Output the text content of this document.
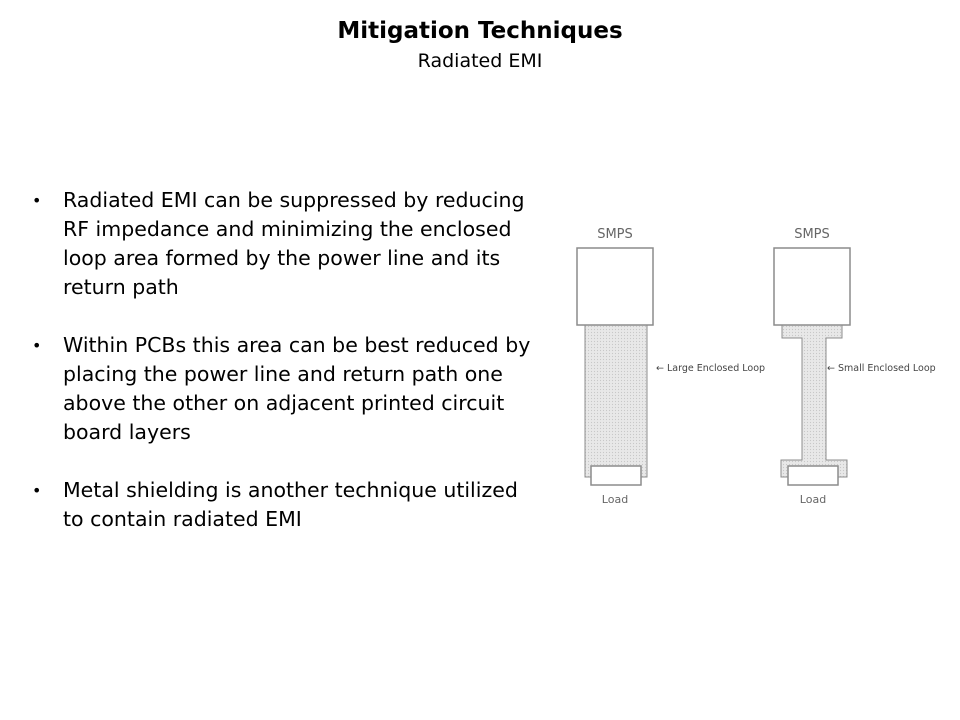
Mitigation Techniques
Radiated EMI
• Radiated EMI can be suppressed by reducing RF impedance and minimizing the enclosed loop area formed by the power line and its return path
• Within PCBs this area can be best reduced by placing the power line and return path one above the other on adjacent printed circuit board layers
• Metal shielding is another technique utilized to contain radiated EMI
SMPS
Load
← Large Enclosed Loop
SMPS
Load
← Small Enclosed Loop
